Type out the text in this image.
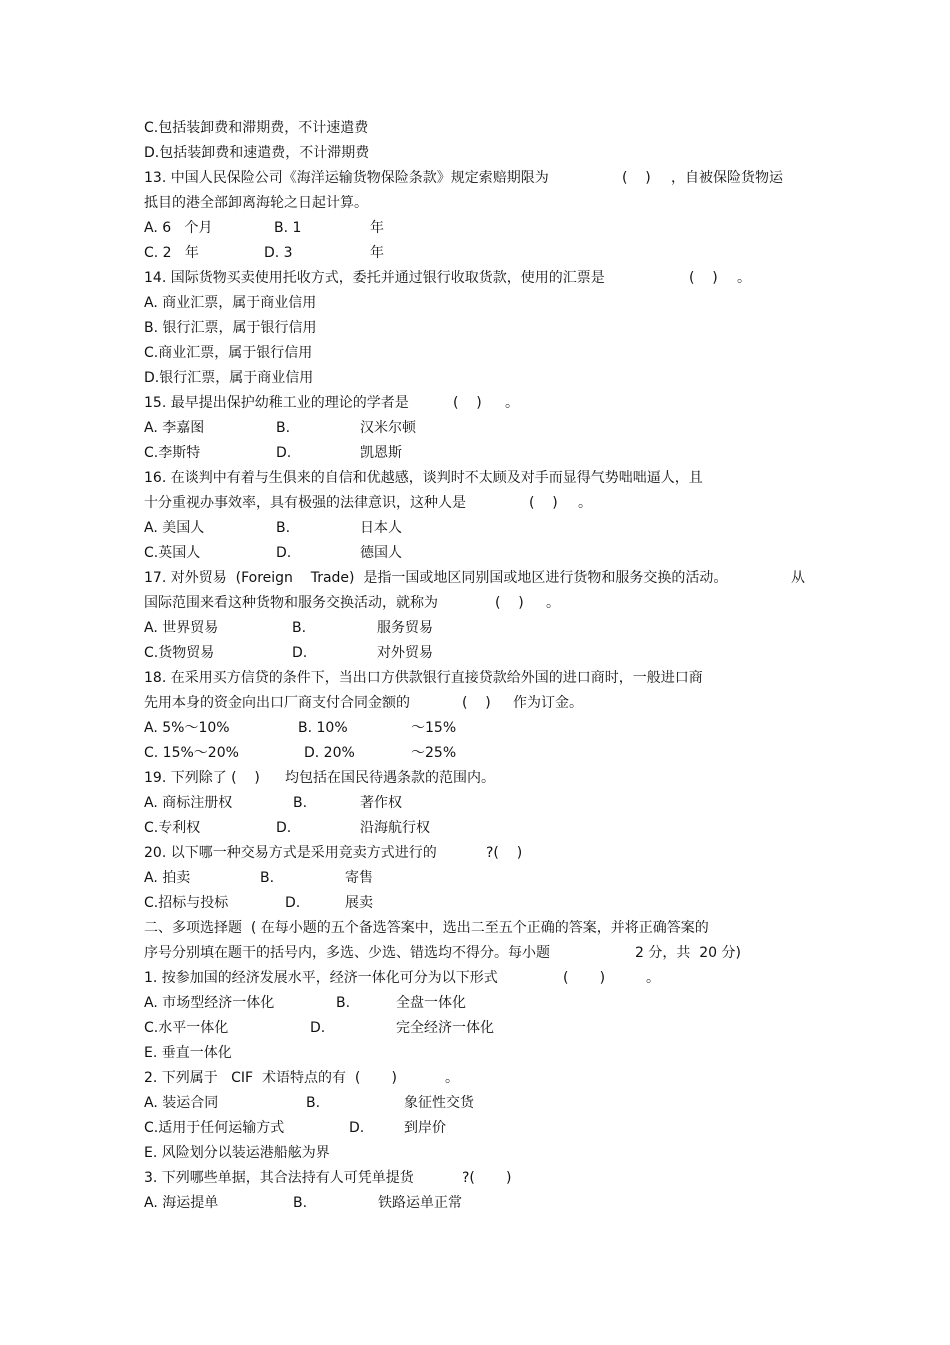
C.包括装卸费和滞期费，不计速遣费
D.包括装卸费和速遣费，不计滞期费

13. 中国人民保险公司《海洋运输货物保险条款》规定索赔期限为

	(    )

，自被保险货物运

抵目的港全部卸离海轮之日起计算。

A. 6   个月

	B. 1

	年

C. 2   年

	D. 3

	年

14. 国际货物买卖使用托收方式，委托并通过银行收取货款，使用的汇票是

	(    )

。

A. 商业汇票，属于商业信用
B. 银行汇票，属于银行信用
C.商业汇票，属于银行信用
D.银行汇票，属于商业信用

15. 最早提出保护幼稚工业的理论的学者是

	(    )

。

A. 李嘉图

	B.

	汉米尔顿

C.李斯特

	D.

	凯恩斯

16. 在谈判中有着与生俱来的自信和优越感，谈判时不太顾及对手而显得气势咄咄逼人，且

十分重视办事效率，具有极强的法律意识，这种人是

	(    )

。

A. 美国人

	B.

	日本人

C.英国人

	D.

	德国人

17. 对外贸易  (Foreign    Trade)  是指一国或地区同别国或地区进行货物和服务交换的活动。

	从

国际范围来看这种货物和服务交换活动，就称为

	(    )

。

A. 世界贸易

	B.

	服务贸易

C.货物贸易

	D.

	对外贸易

18. 在采用买方信贷的条件下，当出口方供款银行直接贷款给外国的进口商时，一般进口商

先用本身的资金向出口厂商支付合同金额的

	(    )

作为订金。

A. 5%～10%

	B. 10%

	～15%

C. 15%～20%

	D. 20%

	～25%

19. 下列除了 (    )

均包括在国民待遇条款的范围内。

A. 商标注册权

	B.

	著作权

C.专利权

	D.

	沿海航行权

20. 以下哪一种交易方式是采用竞卖方式进行的

	?(    )

A. 拍卖

	B.

	寄售

C.招标与投标

	D.

	展卖

二、多项选择题  ( 在每小题的五个备选答案中，选出二至五个正确的答案，并将正确答案的

序号分别填在题干的括号内，多选、少选、错选均不得分。每小题

	2 分，共  20 分)

1. 按参加国的经济发展水平，经济一体化可分为以下形式

	(       )

	。

A. 市场型经济一体化

	B.

	全盘一体化

C.水平一体化

	D.

	完全经济一体化

E. 垂直一体化

2. 下列属于   CIF  术语特点的有  (       )

	。

A. 装运合同

	B.

	象征性交货

C.适用于任何运输方式

	D.

	到岸价

E. 风险划分以装运港船舷为界

3. 下列哪些单据，其合法持有人可凭单提货

	?(       )

A. 海运提单

	B.

	铁路运单正常
